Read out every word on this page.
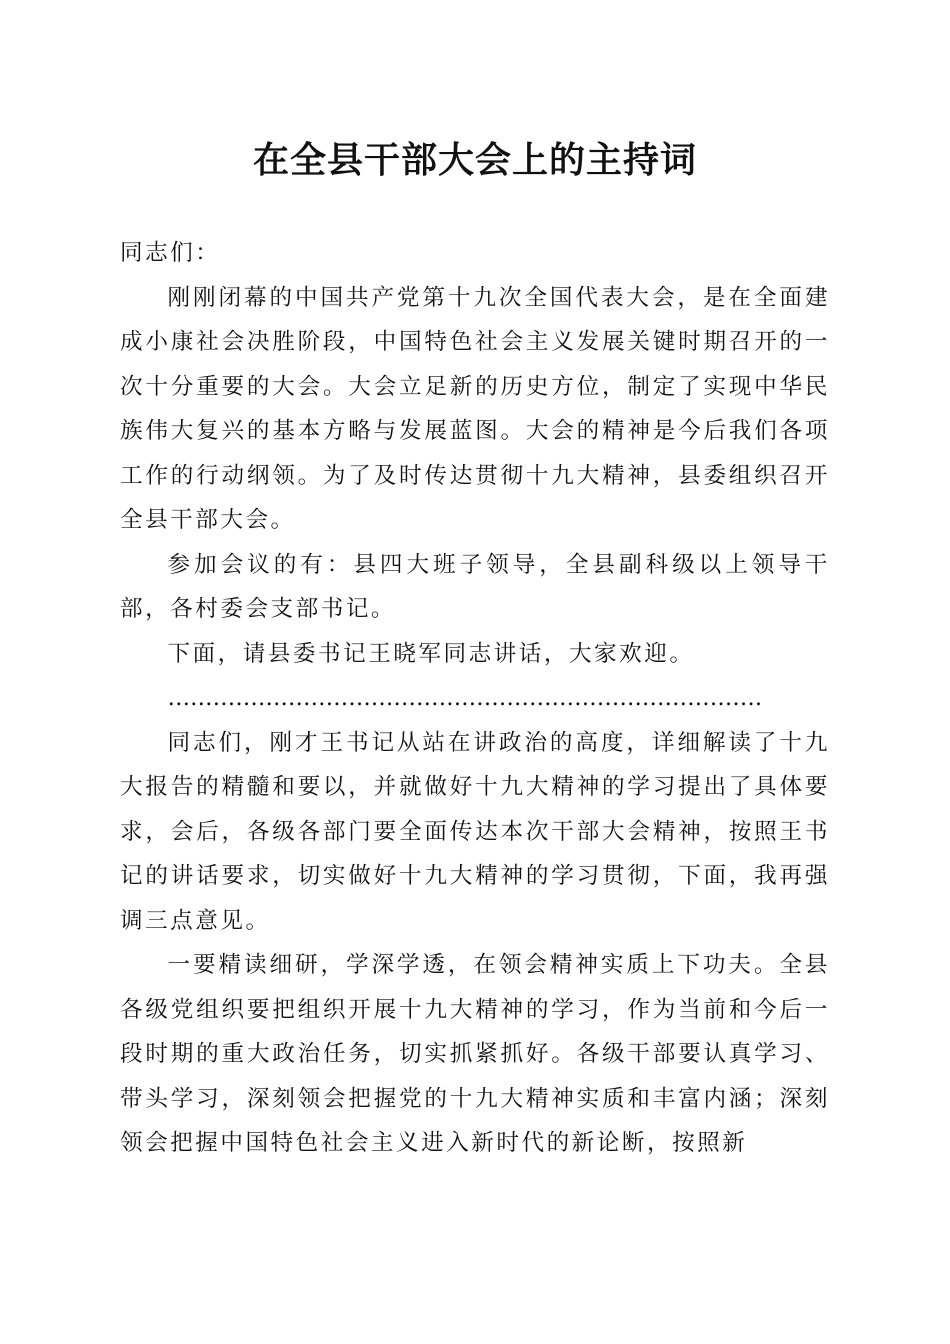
在全县干部大会上的主持词

同志们：

刚刚闭幕的中国共产党第十九次全国代表大会，是在全面建成小康社会决胜阶段，中国特色社会主义发展关键时期召开的一次十分重要的大会。大会立足新的历史方位，制定了实现中华民族伟大复兴的基本方略与发展蓝图。大会的精神是今后我们各项工作的行动纲领。为了及时传达贯彻十九大精神，县委组织召开全县干部大会。

参加会议的有：县四大班子领导，全县副科级以上领导干部，各村委会支部书记。

下面，请县委书记王晓军同志讲话，大家欢迎。

…………………………………………………………………….

同志们，刚才王书记从站在讲政治的高度，详细解读了十九大报告的精髓和要以，并就做好十九大精神的学习提出了具体要求，会后，各级各部门要全面传达本次干部大会精神，按照王书记的讲话要求，切实做好十九大精神的学习贯彻，下面，我再强调三点意见。

一要精读细研，学深学透，在领会精神实质上下功夫。全县各级党组织要把组织开展十九大精神的学习，作为当前和今后一段时期的重大政治任务，切实抓紧抓好。各级干部要认真学习、带头学习，深刻领会把握党的十九大精神实质和丰富内涵；深刻领会把握中国特色社会主义进入新时代的新论断，按照新
